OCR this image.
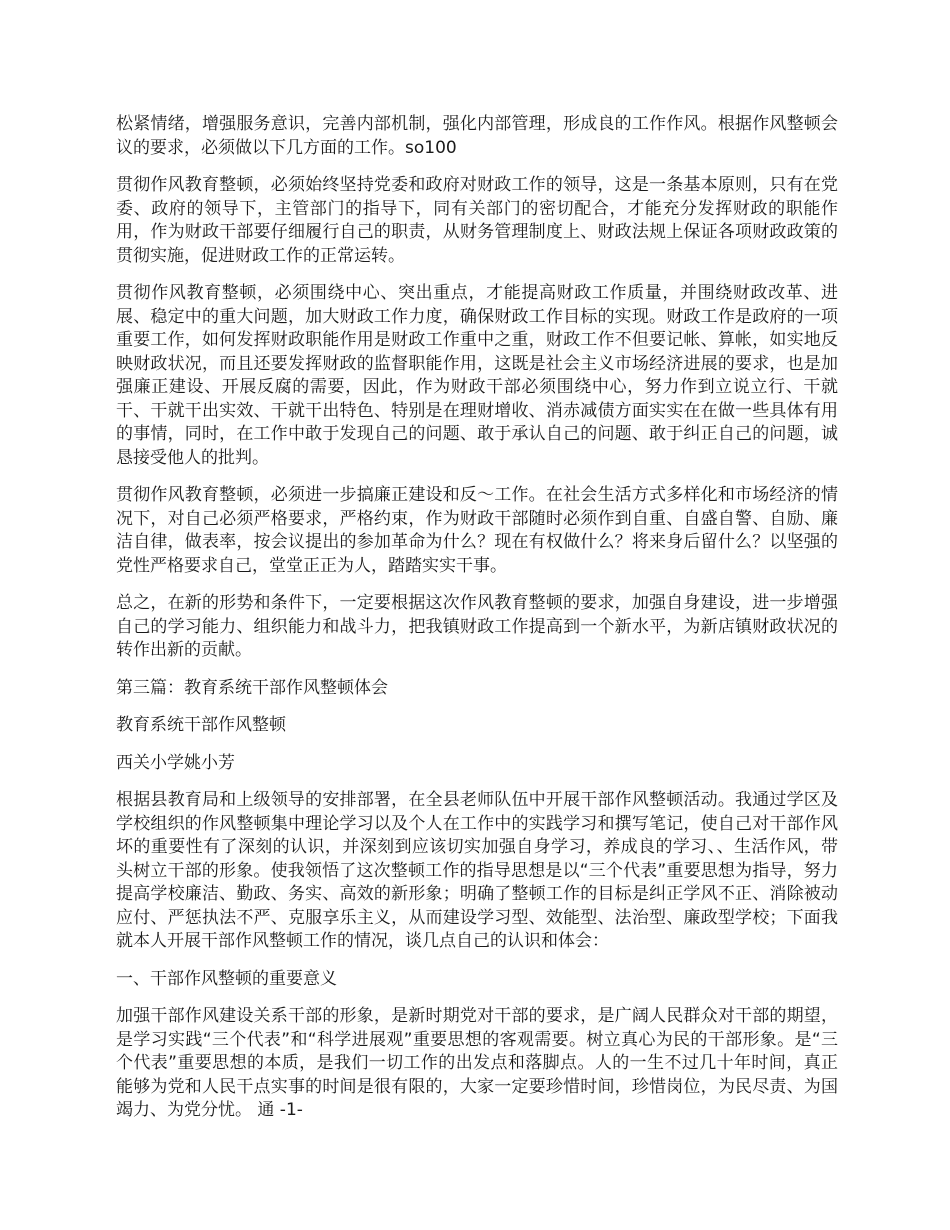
松紧情绪，增强服务意识，完善内部机制，强化内部管理，形成良的工作作风。根据作风整顿会议的要求，必须做以下几方面的工作。so100

贯彻作风教育整顿，必须始终坚持党委和政府对财政工作的领导，这是一条基本原则，只有在党委、政府的领导下，主管部门的指导下，同有关部门的密切配合，才能充分发挥财政的职能作用，作为财政干部要仔细履行自己的职责，从财务管理制度上、财政法规上保证各项财政政策的贯彻实施，促进财政工作的正常运转。

贯彻作风教育整顿，必须围绕中心、突出重点，才能提高财政工作质量，并围绕财政改革、进展、稳定中的重大问题，加大财政工作力度，确保财政工作目标的实现。财政工作是政府的一项重要工作，如何发挥财政职能作用是财政工作重中之重，财政工作不但要记帐、算帐，如实地反映财政状况，而且还要发挥财政的监督职能作用，这既是社会主义市场经济进展的要求，也是加强廉正建设、开展反腐的需要，因此，作为财政干部必须围绕中心，努力作到立说立行、干就干、干就干出实效、干就干出特色、特别是在理财增收、消赤减债方面实实在在做一些具体有用的事情，同时，在工作中敢于发现自己的问题、敢于承认自己的问题、敢于纠正自己的问题，诚恳接受他人的批判。

贯彻作风教育整顿，必须进一步搞廉正建设和反～工作。在社会生活方式多样化和市场经济的情况下，对自己必须严格要求，严格约束，作为财政干部随时必须作到自重、自盛自警、自励、廉洁自律，做表率，按会议提出的参加革命为什么？现在有权做什么？将来身后留什么？以坚强的党性严格要求自己，堂堂正正为人，踏踏实实干事。

总之，在新的形势和条件下，一定要根据这次作风教育整顿的要求，加强自身建设，进一步增强自己的学习能力、组织能力和战斗力，把我镇财政工作提高到一个新水平，为新店镇财政状况的转作出新的贡献。

第三篇：教育系统干部作风整顿体会

教育系统干部作风整顿

西关小学姚小芳

根据县教育局和上级领导的安排部署，在全县老师队伍中开展干部作风整顿活动。我通过学区及学校组织的作风整顿集中理论学习以及个人在工作中的实践学习和撰写笔记，使自己对干部作风坏的重要性有了深刻的认识，并深刻到应该切实加强自身学习，养成良的学习、、生活作风，带头树立干部的形象。使我领悟了这次整顿工作的指导思想是以“三个代表”重要思想为指导，努力提高学校廉洁、勤政、务实、高效的新形象；明确了整顿工作的目标是纠正学风不正、消除被动应付、严惩执法不严、克服享乐主义，从而建设学习型、效能型、法治型、廉政型学校；下面我就本人开展干部作风整顿工作的情况，谈几点自己的认识和体会：

一、干部作风整顿的重要意义

加强干部作风建设关系干部的形象，是新时期党对干部的要求，是广阔人民群众对干部的期望，是学习实践“三个代表”和“科学进展观”重要思想的客观需要。树立真心为民的干部形象。是“三个代表”重要思想的本质，是我们一切工作的出发点和落脚点。人的一生不过几十年时间，真正能够为党和人民干点实事的时间是很有限的，大家一定要珍惜时间，珍惜岗位，为民尽责、为国竭力、为党分忧。 通 -1-
